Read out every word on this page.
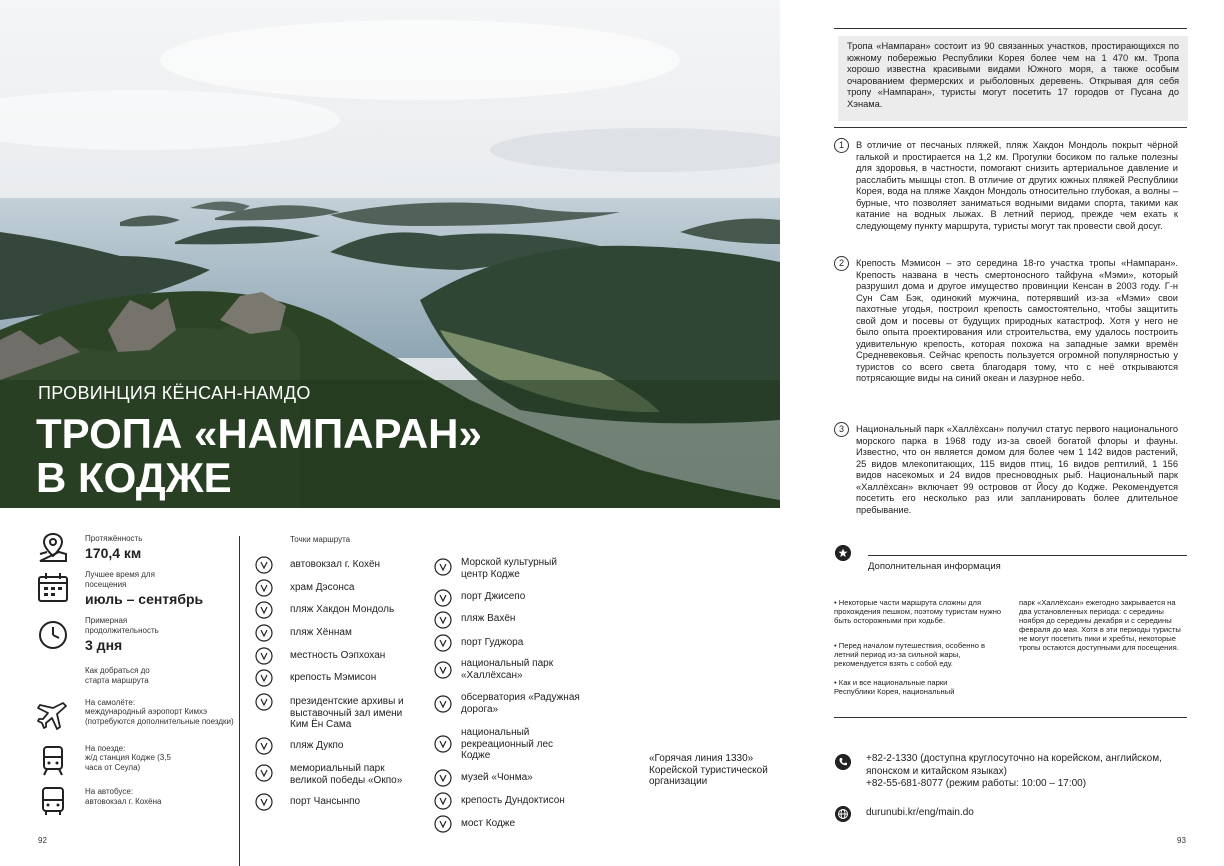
ПРОВИНЦИЯ КЁНСАН-НАМДО
ТРОПА «НАМПАРАН»
В КОДЖЕ
Протяжённость
170,4 км
Лучшее время для посещения
июль – сентябрь
Примерная продолжительность
3 дня
Как добраться до старта маршрута
На самолёте:
международный аэропорт Кимхэ (потребуются дополнительные поездки)
На поезде:
ж/д станция Кодже (3,5 часа от Сеула)
На автобусе:
автовокзал г. Кохёна
Точки маршрута
автовокзал г. Кохён
храм Дэсонса
пляж Хакдон Мондоль
пляж Хённам
местность Оэпхохан
крепость Мэмисон
президентские архивы и выставочный зал имени Ким Ён Сама
пляж Дукпо
мемориальный парк великой победы «Окпо»
порт Чансынпо
Морской культурный центр Кодже
порт Джисепо
пляж Вахён
порт Гуджора
национальный парк «Халлёхсан»
обсерватория «Радужная дорога»
национальный рекреационный лес Кодже
музей «Чонма»
крепость Дундоктисон
мост Кодже
«Горячая линия 1330» Корейской туристической организации
92
Тропа «Нампаран» состоит из 90 связанных участков, простирающихся по южному побережью Республики Корея более чем на 1 470 км. Тропа хорошо известна красивыми видами Южного моря, а также особым очарованием фермерских и рыболовных деревень. Открывая для себя тропу «Нампаран», туристы могут посетить 17 городов от Пусана до Хэнама.
1	В отличие от песчаных пляжей, пляж Хакдон Мондоль покрыт чёрной галькой и простирается на 1,2 км. Прогулки босиком по гальке полезны для здоровья, в частности, помогают снизить артериальное давление и расслабить мышцы стоп. В отличие от других южных пляжей Республики Корея, вода на пляже Хакдон Мондоль относительно глубокая, а волны – бурные, что позволяет заниматься водными видами спорта, такими как катание на водных лыжах. В летний период, прежде чем ехать к следующему пункту маршрута, туристы могут так провести свой досуг.
2	Крепость Мэмисон – это середина 18-го участка тропы «Нампаран». Крепость названа в честь смертоносного тайфуна «Мэми», который разрушил дома и другое имущество провинции Кенсан в 2003 году. Г-н Сун Сам Бэк, одинокий мужчина, потерявший из-за «Мэми» свои пахотные угодья, построил крепость самостоятельно, чтобы защитить свой дом и посевы от будущих природных катастроф. Хотя у него не было опыта проектирования или строительства, ему удалось построить удивительную крепость, которая похожа на западные замки времён Средневековья. Сейчас крепость пользуется огромной популярностью у туристов со всего света благодаря тому, что с неё открываются потрясающие виды на синий океан и лазурное небо.
3	Национальный парк «Халлёхсан» получил статус первого национального морского парка в 1968 году из-за своей богатой флоры и фауны. Известно, что он является домом для более чем 1 142 видов растений, 25 видов млекопитающих, 115 видов птиц, 16 видов рептилий, 1 156 видов насекомых и 24 видов пресноводных рыб. Национальный парк «Халлёхсан» включает 99 островов от Йосу до Кодже. Рекомендуется посетить его несколько раз или запланировать более длительное пребывание.
Дополнительная информация
• Некоторые части маршрута сложны для прохождения пешком, поэтому туристам нужно быть осторожными при ходьбе.
• Перед началом путешествия, особенно в летний период из-за сильной жары, рекомендуется взять с собой еду.
• Как и все национальные парки Республики Корея, национальный
парк «Халлёхсан» ежегодно закрывается на два установленных периода: с середины ноября до середины декабря и с середины февраля до мая. Хотя в эти периоды туристы не могут посетить пики и хребты, некоторые тропы остаются доступными для посещения.
+82-2-1330 (доступна круглосуточно на корейском, английском, японском и китайском языках)
+82-55-681-8077 (режим работы: 10:00 – 17:00)
durunubi.kr/eng/main.do
93
